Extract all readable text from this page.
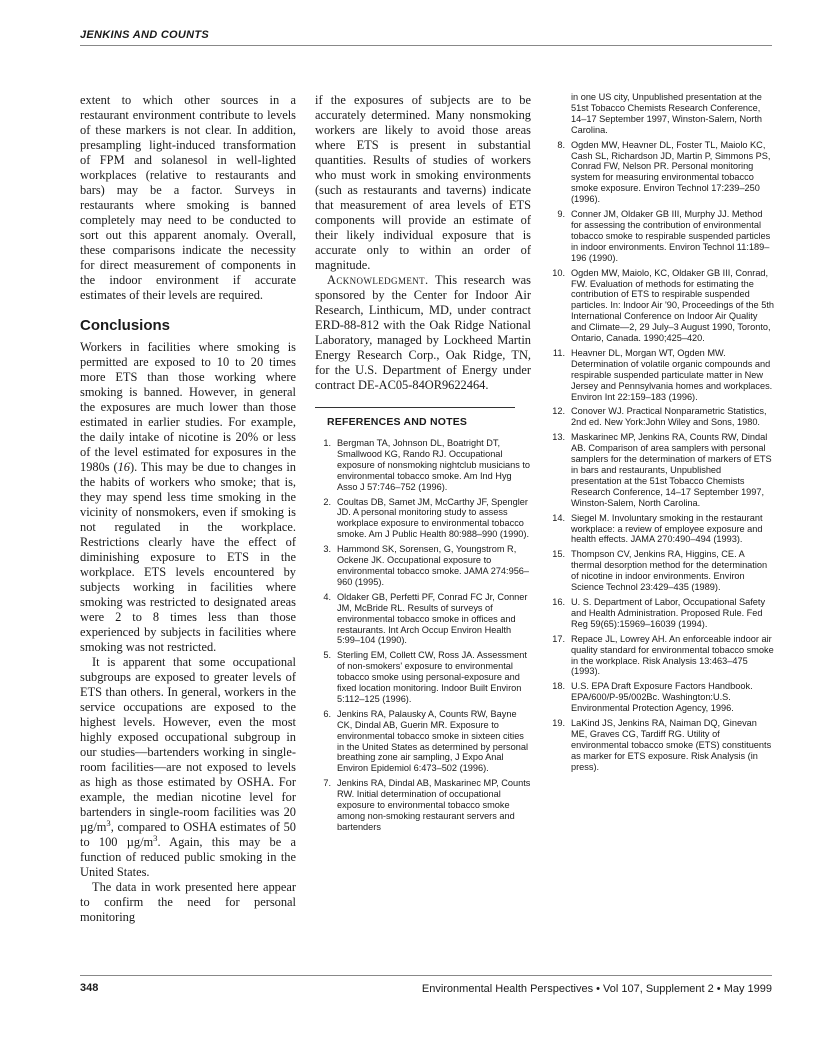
JENKINS AND COUNTS

extent to which other sources in a restaurant environment contribute to levels of these markers is not clear. In addition, presampling light-induced transformation of FPM and solanesol in well-lighted workplaces (relative to restaurants and bars) may be a factor. Surveys in restaurants where smoking is banned completely may need to be conducted to sort out this apparent anomaly. Overall, these comparisons indicate the necessity for direct measurement of components in the indoor environment if accurate estimates of their levels are required.

Conclusions

Workers in facilities where smoking is permitted are exposed to 10 to 20 times more ETS than those working where smoking is banned. However, in general the exposures are much lower than those estimated in earlier studies. For example, the daily intake of nicotine is 20% or less of the level estimated for exposures in the 1980s (16). This may be due to changes in the habits of workers who smoke; that is, they may spend less time smoking in the vicinity of nonsmokers, even if smoking is not regulated in the workplace. Restrictions clearly have the effect of diminishing exposure to ETS in the workplace. ETS levels encountered by subjects working in facilities where smoking was restricted to designated areas were 2 to 8 times less than those experienced by subjects in facilities where smoking was not restricted.

It is apparent that some occupational subgroups are exposed to greater levels of ETS than others. In general, workers in the service occupations are exposed to the highest levels. However, even the most highly exposed occupational subgroup in our studies—bartenders working in single-room facilities—are not exposed to levels as high as those estimated by OSHA. For example, the median nicotine level for bartenders in single-room facilities was 20 $\mu g/m^3$, compared to OSHA estimates of 50 to 100 $\mu g/m^3$. Again, this may be a function of reduced public smoking in the United States.

The data in work presented here appear to confirm the need for personal monitoring

if the exposures of subjects are to be accurately determined. Many nonsmoking workers are likely to avoid those areas where ETS is present in substantial quantities. Results of studies of workers who must work in smoking environments (such as restaurants and taverns) indicate that measurement of area levels of ETS components will provide an estimate of their likely individual exposure that is accurate only to within an order of magnitude.

Acknowledgment. This research was sponsored by the Center for Indoor Air Research, Linthicum, MD, under contract ERD-88-812 with the Oak Ridge National Laboratory, managed by Lockheed Martin Energy Research Corp., Oak Ridge, TN, for the U.S. Department of Energy under contract DE-AC05-84OR9622464.

REFERENCES AND NOTES
1. Bergman TA, Johnson DL, Boatright DT, Smallwood KG, Rando RJ. Occupational exposure of nonsmoking nightclub musicians to environmental tobacco smoke. Am Ind Hyg Asso J 57:746–752 (1996).
2. Coultas DB, Samet JM, McCarthy JF, Spengler JD. A personal monitoring study to assess workplace exposure to environmental tobacco smoke. Am J Public Health 80:988–990 (1990).
3. Hammond SK, Sorensen, G, Youngstrom R, Ockene JK. Occupational exposure to environmental tobacco smoke. JAMA 274:956–960 (1995).
4. Oldaker GB, Perfetti PF, Conrad FC Jr, Conner JM, McBride RL. Results of surveys of environmental tobacco smoke in offices and restaurants. Int Arch Occup Environ Health 5:99–104 (1990).
5. Sterling EM, Collett CW, Ross JA. Assessment of non-smokers' exposure to environmental tobacco smoke using personal-exposure and fixed location monitoring. Indoor Built Environ 5:112–125 (1996).
6. Jenkins RA, Palausky A, Counts RW, Bayne CK, Dindal AB, Guerin MR. Exposure to environmental tobacco smoke in sixteen cities in the United States as determined by personal breathing zone air sampling, J Expo Anal Environ Epidemiol 6:473–502 (1996).
7. Jenkins RA, Dindal AB, Maskarinec MP, Counts RW. Initial determination of occupational exposure to environmental tobacco smoke among non-smoking restaurant servers and bartenders
in one US city, Unpublished presentation at the 51st Tobacco Chemists Research Conference, 14–17 September 1997, Winston-Salem, North Carolina.
8. Ogden MW, Heavner DL, Foster TL, Maiolo KC, Cash SL, Richardson JD, Martin P, Simmons PS, Conrad FW, Nelson PR. Personal monitoring system for measuring environmental tobacco smoke exposure. Environ Technol 17:239–250 (1996).
9. Conner JM, Oldaker GB III, Murphy JJ. Method for assessing the contribution of environmental tobacco smoke to respirable suspended particles in indoor environments. Environ Technol 11:189–196 (1990).
10. Ogden MW, Maiolo, KC, Oldaker GB III, Conrad, FW. Evaluation of methods for estimating the contribution of ETS to respirable suspended particles. In: Indoor Air '90, Proceedings of the 5th International Conference on Indoor Air Quality and Climate—2, 29 July–3 August 1990, Toronto, Ontario, Canada. 1990;425–420.
11. Heavner DL, Morgan WT, Ogden MW. Determination of volatile organic compounds and respirable suspended particulate matter in New Jersey and Pennsylvania homes and workplaces. Environ Int 22:159–183 (1996).
12. Conover WJ. Practical Nonparametric Statistics, 2nd ed. New York:John Wiley and Sons, 1980.
13. Maskarinec MP, Jenkins RA, Counts RW, Dindal AB. Comparison of area samplers with personal samplers for the determination of markers of ETS in bars and restaurants, Unpublished presentation at the 51st Tobacco Chemists Research Conference, 14–17 September 1997, Winston-Salem, North Carolina.
14. Siegel M. Involuntary smoking in the restaurant workplace: a review of employee exposure and health effects. JAMA 270:490–494 (1993).
15. Thompson CV, Jenkins RA, Higgins, CE. A thermal desorption method for the determination of nicotine in indoor environments. Environ Science Technol 23:429–435 (1989).
16. U. S. Department of Labor, Occupational Safety and Health Administration. Proposed Rule. Fed Reg 59(65):15969–16039 (1994).
17. Repace JL, Lowrey AH. An enforceable indoor air quality standard for environmental tobacco smoke in the workplace. Risk Analysis 13:463–475 (1993).
18. U.S. EPA Draft Exposure Factors Handbook. EPA/600/P-95/002Bc. Washington:U.S. Environmental Protection Agency, 1996.
19. LaKind JS, Jenkins RA, Naiman DQ, Ginevan ME, Graves CG, Tardiff RG. Utility of environmental tobacco smoke (ETS) constituents as marker for ETS exposure. Risk Analysis (in press).
348	Environmental Health Perspectives • Vol 107, Supplement 2 • May 1999
